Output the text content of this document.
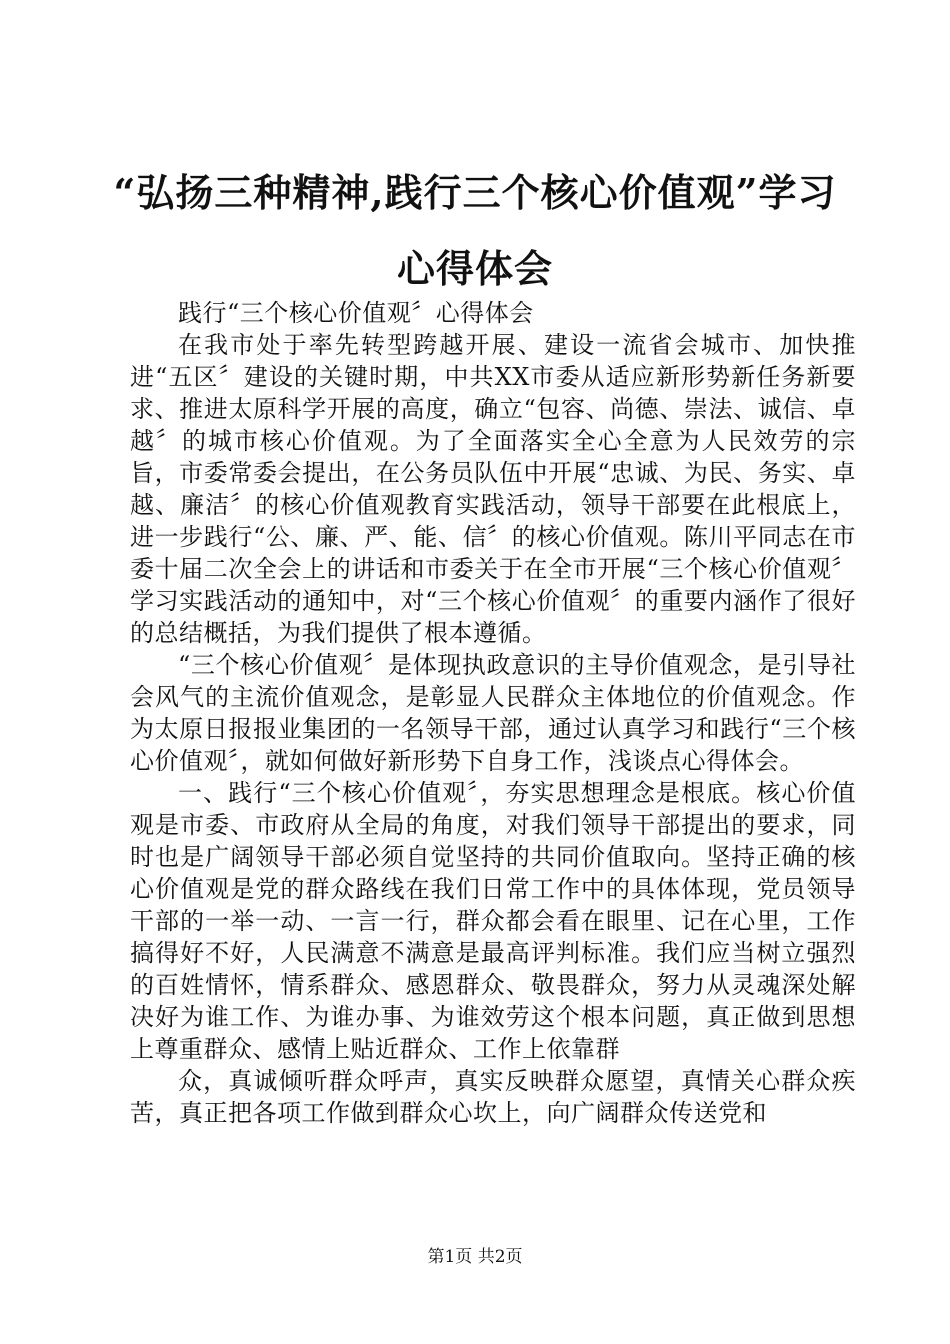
“弘扬三种精神,践行三个核心价值观”学习
心得体会

践行“三个核心价值观〞心得体会

在我市处于率先转型跨越开展、建设一流省会城市、加快推进“五区〞建设的关键时期，中共XX市委从适应新形势新任务新要求、推进太原科学开展的高度，确立“包容、尚德、崇法、诚信、卓越〞的城市核心价值观。为了全面落实全心全意为人民效劳的宗旨，市委常委会提出，在公务员队伍中开展“忠诚、为民、务实、卓越、廉洁〞的核心价值观教育实践活动，领导干部要在此根底上，进一步践行“公、廉、严、能、信〞的核心价值观。陈川平同志在市委十届二次全会上的讲话和市委关于在全市开展“三个核心价值观〞学习实践活动的通知中，对“三个核心价值观〞的重要内涵作了很好的总结概括，为我们提供了根本遵循。

“三个核心价值观〞是体现执政意识的主导价值观念，是引导社会风气的主流价值观念，是彰显人民群众主体地位的价值观念。作为太原日报报业集团的一名领导干部，通过认真学习和践行“三个核心价值观〞，就如何做好新形势下自身工作，浅谈点心得体会。

一、践行“三个核心价值观〞，夯实思想理念是根底。核心价值观是市委、市政府从全局的角度，对我们领导干部提出的要求，同时也是广阔领导干部必须自觉坚持的共同价值取向。坚持正确的核心价值观是党的群众路线在我们日常工作中的具体体现，党员领导干部的一举一动、一言一行，群众都会看在眼里、记在心里，工作搞得好不好，人民满意不满意是最高评判标准。我们应当树立强烈的百姓情怀，情系群众、感恩群众、敬畏群众，努力从灵魂深处解决好为谁工作、为谁办事、为谁效劳这个根本问题，真正做到思想上尊重群众、感情上贴近群众、工作上依靠群

众，真诚倾听群众呼声，真实反映群众愿望，真情关心群众疾苦，真正把各项工作做到群众心坎上，向广阔群众传送党和

第1页 共2页
